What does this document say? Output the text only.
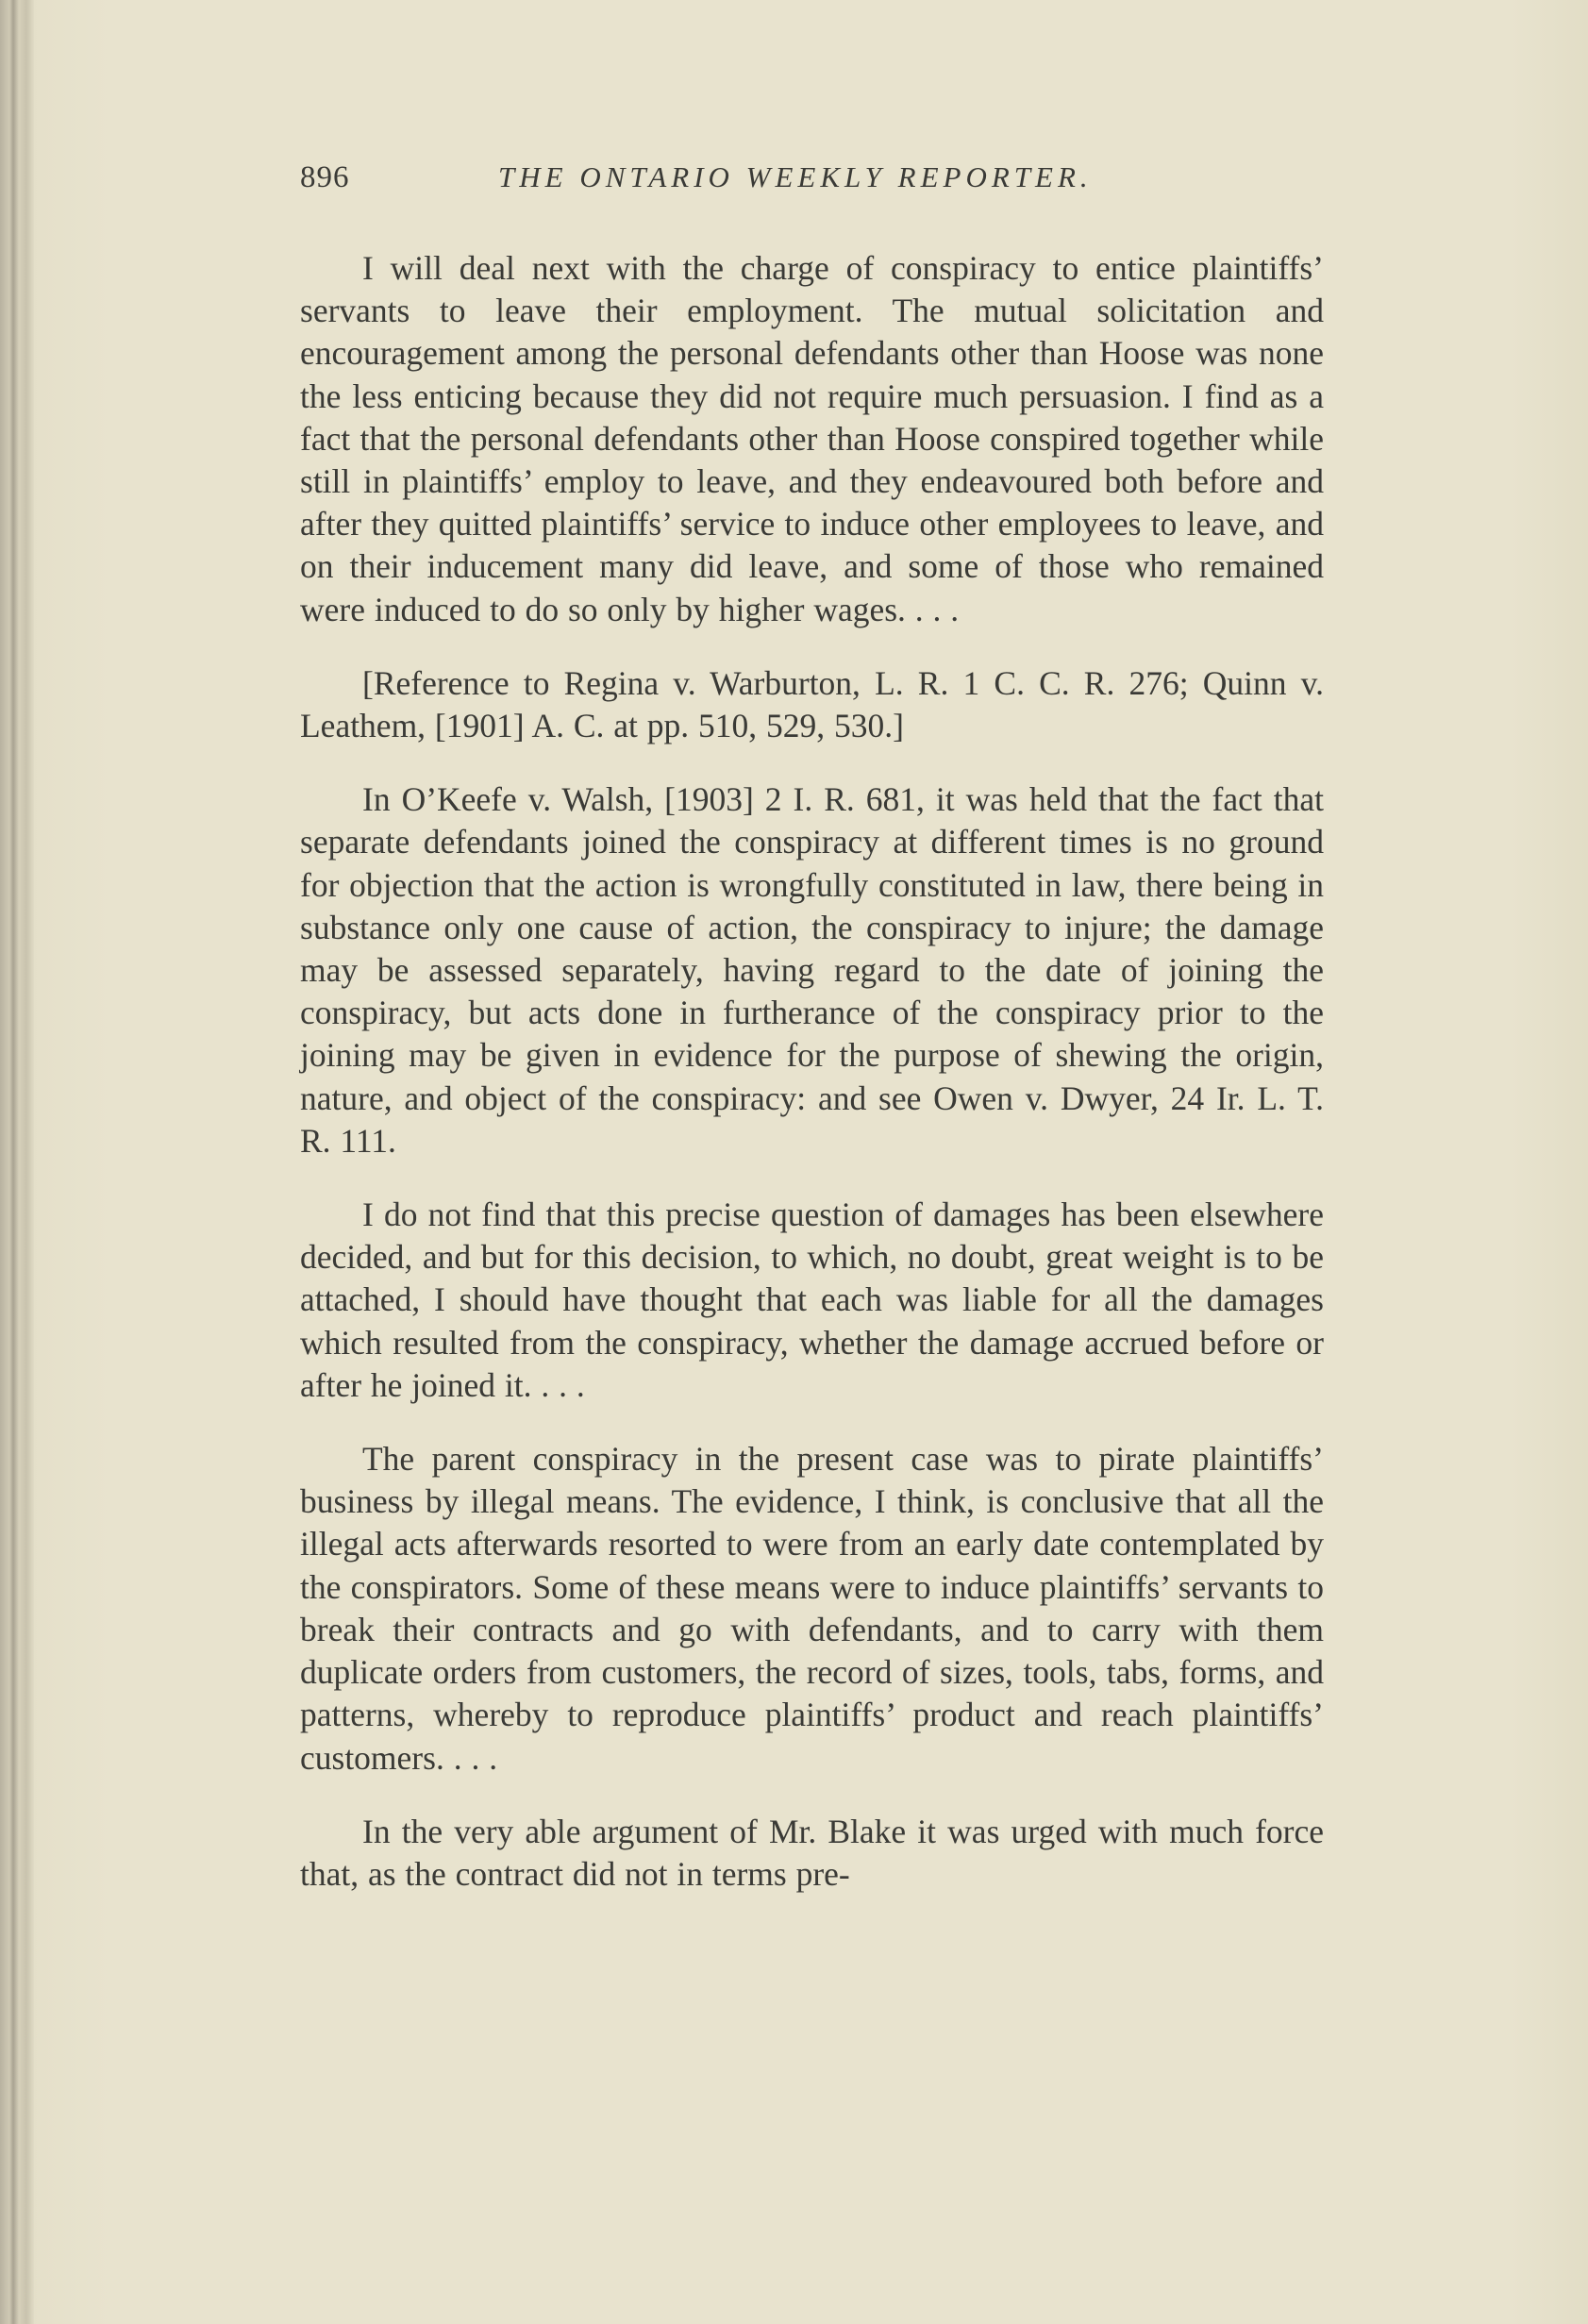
896	THE ONTARIO WEEKLY REPORTER.

I will deal next with the charge of conspiracy to entice plaintiffs’ servants to leave their employment. The mutual solicitation and encouragement among the personal defendants other than Hoose was none the less enticing because they did not require much persuasion. I find as a fact that the personal defendants other than Hoose conspired together while still in plaintiffs’ employ to leave, and they endeavoured both before and after they quitted plaintiffs’ service to induce other employees to leave, and on their inducement many did leave, and some of those who remained were induced to do so only by higher wages. . . .

[Reference to Regina v. Warburton, L. R. 1 C. C. R. 276; Quinn v. Leathem, [1901] A. C. at pp. 510, 529, 530.]

In O’Keefe v. Walsh, [1903] 2 I. R. 681, it was held that the fact that separate defendants joined the conspiracy at different times is no ground for objection that the action is wrongfully constituted in law, there being in substance only one cause of action, the conspiracy to injure; the damage may be assessed separately, having regard to the date of joining the conspiracy, but acts done in furtherance of the conspiracy prior to the joining may be given in evidence for the purpose of shewing the origin, nature, and object of the conspiracy: and see Owen v. Dwyer, 24 Ir. L. T. R. 111.

I do not find that this precise question of damages has been elsewhere decided, and but for this decision, to which, no doubt, great weight is to be attached, I should have thought that each was liable for all the damages which resulted from the conspiracy, whether the damage accrued before or after he joined it. . . .

The parent conspiracy in the present case was to pirate plaintiffs’ business by illegal means. The evidence, I think, is conclusive that all the illegal acts afterwards resorted to were from an early date contemplated by the conspirators. Some of these means were to induce plaintiffs’ servants to break their contracts and go with defendants, and to carry with them duplicate orders from customers, the record of sizes, tools, tabs, forms, and patterns, whereby to reproduce plaintiffs’ product and reach plaintiffs’ customers. . . .

In the very able argument of Mr. Blake it was urged with much force that, as the contract did not in terms pre-
